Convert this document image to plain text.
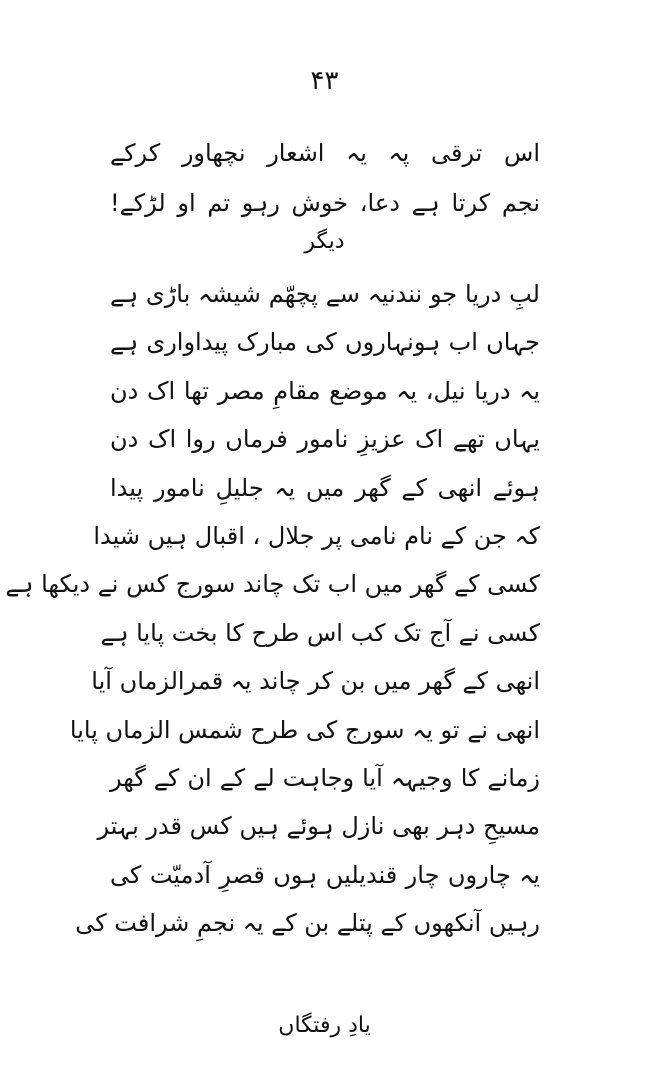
۴۳
اس ترقی پہ یہ اشعار نچھاور کرکے
نجم کرتا ہے دعا، خوش رہو تم او لڑکے!
دیگر
لبِ دریا جو نندنیہ سے پچھّم شیشہ باڑی ہے
جہاں اب ہونہاروں کی مبارک پیداواری ہے
یہ دریا نیل، یہ موضع مقامِ مصر تھا اک دن
یہاں تھے اک عزیزِ نامور فرماں روا اک دن
ہوئے انھی کے گھر میں یہ جلیلِ نامور پیدا
کہ جن کے نام نامی پر جلال ، اقبال ہیں شیدا
کسی کے گھر میں اب تک چاند سورج کس نے دیکھا ہے
کسی نے آج تک کب اس طرح کا بخت پایا ہے
انھی کے گھر میں بن کر چاند یہ قمرالزماں آیا
انھی نے تو یہ سورج کی طرح شمس الزماں پایا
زمانے کا وجیہہ آیا وجاہت لے کے ان کے گھر
مسیحِ دہر بھی نازل ہوئے ہیں کس قدر بہتر
یہ چاروں چار قندیلیں ہوں قصرِ آدمیّت کی
رہیں آنکھوں کے پتلے بن کے یہ نجمِ شرافت کی
یادِ رفتگاں
